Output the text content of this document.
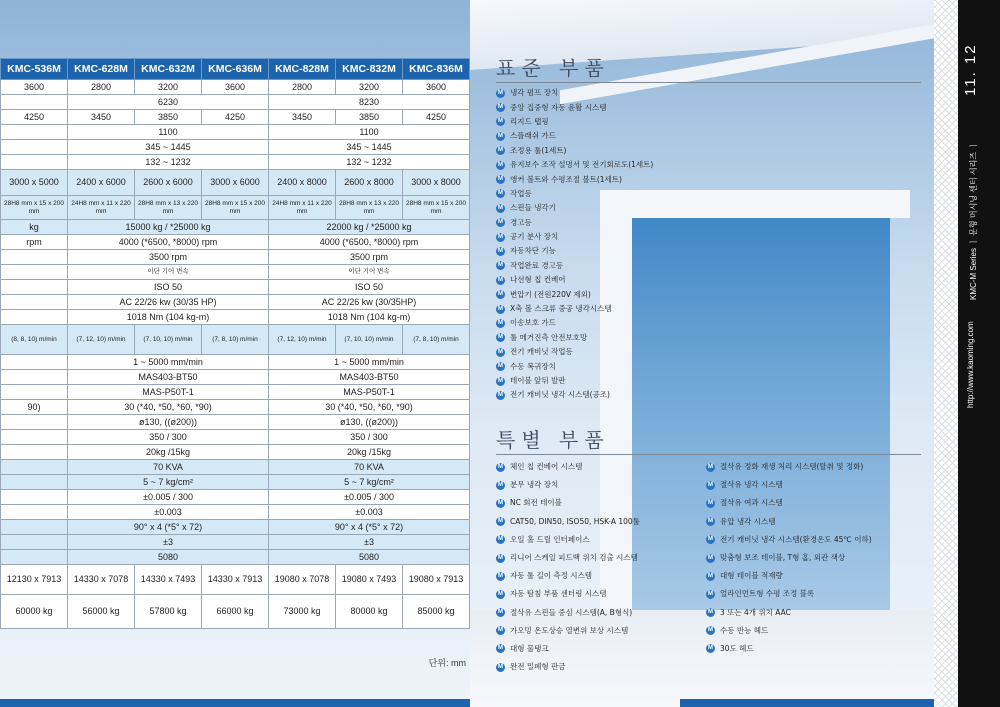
11. 12
http://www.kaoming.com
KMC-M Series ㅣ 문형 머시닝 센터 시리즈 ㅣ
KMC-536M	KMC-628M	KMC-632M	KMC-636M	KMC-828M	KMC-832M	KMC-836M
3600	2800	3200	3600	2800	3200	3600
	6230			8230		
4250	3450	3850	4250	3450	3850	4250
	1100			1100		
	345 ~ 1445			345 ~ 1445		
	132 ~ 1232			132 ~ 1232		
3000 x 5000	2400 x 6000	2600 x 6000	3000 x 6000	2400 x 8000	2600 x 8000	3000 x 8000
28H8 mm x 15 x 200 mm	24H8 mm x 11 x 220 mm	28H8 mm x 13 x 220 mm	28H8 mm x 15 x 200 mm	24H8 mm x 11 x 220 mm	28H8 mm x 13 x 220 mm	28H8 mm x 15 x 200 mm
kg	15000 kg / *25000 kg			22000 kg / *25000 kg		
rpm	4000 (*6500, *8000) rpm			4000 (*6500, *8000) rpm		
	3500 rpm			3500 rpm		
	이단 기어 변속			이단 기어 변속		
	ISO 50			ISO 50		
	AC 22/26 kw (30/35 HP)			AC 22/26 kw (30/35HP)		
	1018 Nm (104 kg-m)			1018 Nm (104 kg-m)		
(8, 8, 10) m/min	(7, 12, 10) m/min	(7, 10, 10) m/min	(7, 8, 10) m/min	(7, 12, 10) m/min	(7, 10, 10) m/min	(7, 8, 10) m/min
	1 ~ 5000 mm/min			1 ~ 5000 mm/min		
	MAS403-BT50			MAS403-BT50		
	MAS-P50T-1			MAS-P50T-1		
90)	30 (*40, *50, *60, *90)			30 (*40, *50, *60, *90)		
	ø130, ((ø200))			ø130, ((ø200))		
	350 / 300			350 / 300		
	20kg /15kg			20kg /15kg		
	70 KVA			70 KVA		
	5 ~ 7 kg/cm²			5 ~ 7 kg/cm²		
	±0.005 / 300			±0.005 / 300		
	±0.003			±0.003		
	90° x 4 (*5° x 72)			90° x 4 (*5° x 72)		
	±3			±3		
	5080			5080		
12130 x 7913	14330 x 7078	14330 x 7493	14330 x 7913	19080 x 7078	19080 x 7493	19080 x 7913
60000 kg	56000 kg	57800 kg	66000 kg	73000 kg	80000 kg	85000 kg
단위: mm
표준 부품
M 냉각 펌프 장치
M 중앙 집중형 자동 윤활 시스템
M 리지드 탭핑
M 스플래쉬 가드
M 조정용 툴(1세트)
M 유지보수 조작 설명서 및 전기회로도(1세트)
M 앵커 볼트와 수평조절 볼트(1세트)
M 작업등
M 스핀들 냉각기
M 경고등
M 공기 분사 장치
M 자동차단 기능
M 작업완료 경고등
M 나선형 칩 컨베어
M 변압기 (전원220V 제외)
M X축 볼 스크류 중공 냉각시스템
M 이송보호 가드
M 툴 메거진측 안전보호망
M 전기 캐비닛 작업등
M 수동 복귀장치
M 테이블 앞뒤 발판
M 전기 캐비닛 냉각 시스템(공조)
특별 부품
M 체인 칩 컨베어 시스템
M 분무 냉각 장치
M NC 회전 테이블
M CAT50, DIN50, ISO50, HSK-A 100툴
M 오일 홀 드릴 인터페이스
M 리니어 스케일 피드백 위치 검출 시스템
M 자동 툴 길이 측정 시스템
M 자동 탐침 부품 센터링 시스템
M 절삭유 스핀들 중심 시스템(A, B형식)
M 가오밍 온도상승 열변위 보상 시스템
M 대형 물탱크
M 완전 밀폐형 판금
M 절삭유 정화 재생 처리 시스템(탈취 및 정화)
M 절삭유 냉각 시스템
M 절삭유 여과 시스템
M 유압 냉각 시스템
M 전기 캐비닛 냉각 시스템(환경온도 45℃ 이하)
M 맞춤형 보조 테이블, T형 홈, 외관 색상
M 대형 테이블 적재량
M 얼라인먼트형 수평 조정 블록
M 3 또는 4개 위치 AAC
M 수동 반능 헤드
M 30도 헤드
